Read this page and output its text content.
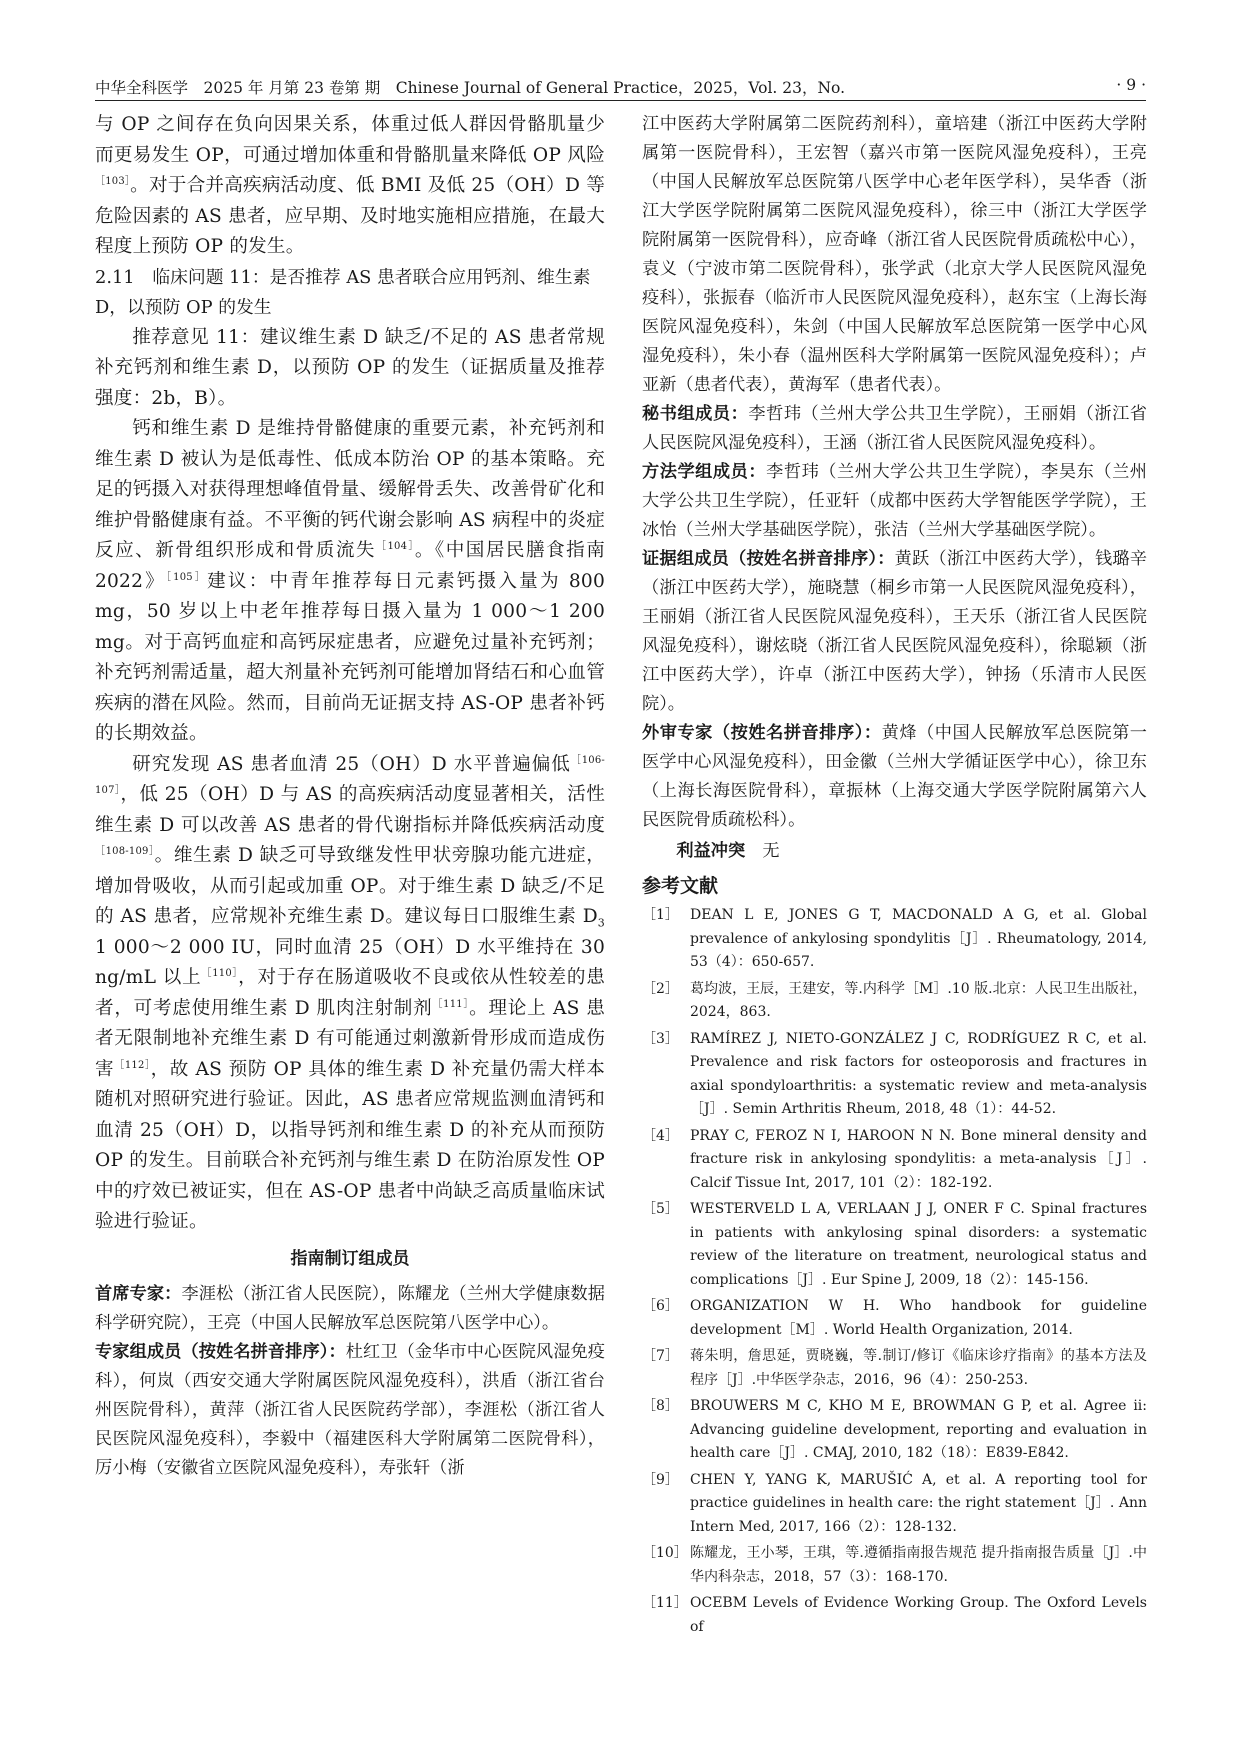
中华全科医学　2025 年 月第 23 卷第 期　Chinese Journal of General Practice，2025，Vol. 23，No.	· 9 ·

与 OP 之间存在负向因果关系，体重过低人群因骨骼肌量少而更易发生 OP，可通过增加体重和骨骼肌量来降低 OP 风险$^{[103]}$。对于合并高疾病活动度、低 BMI 及低 25（OH）D 等危险因素的 AS 患者，应早期、及时地实施相应措施，在最大程度上预防 OP 的发生。

2.11　临床问题 11：是否推荐 AS 患者联合应用钙剂、维生素 D，以预防 OP 的发生

推荐意见 11：建议维生素 D 缺乏/不足的 AS 患者常规补充钙剂和维生素 D，以预防 OP 的发生（证据质量及推荐强度：2b，B）。

钙和维生素 D 是维持骨骼健康的重要元素，补充钙剂和维生素 D 被认为是低毒性、低成本防治 OP 的基本策略。充足的钙摄入对获得理想峰值骨量、缓解骨丢失、改善骨矿化和维护骨骼健康有益。不平衡的钙代谢会影响 AS 病程中的炎症反应、新骨组织形成和骨质流失$^{[104]}$。《中国居民膳食指南 2022》$^{[105]}$建议：中青年推荐每日元素钙摄入量为 800 mg，50 岁以上中老年推荐每日摄入量为 1 000～1 200 mg。对于高钙血症和高钙尿症患者，应避免过量补充钙剂；补充钙剂需适量，超大剂量补充钙剂可能增加肾结石和心血管疾病的潜在风险。然而，目前尚无证据支持 AS-OP 患者补钙的长期效益。

研究发现 AS 患者血清 25（OH）D 水平普遍偏低$^{[106-107]}$，低 25（OH）D 与 AS 的高疾病活动度显著相关，活性维生素 D 可以改善 AS 患者的骨代谢指标并降低疾病活动度$^{[108-109]}$。维生素 D 缺乏可导致继发性甲状旁腺功能亢进症，增加骨吸收，从而引起或加重 OP。对于维生素 D 缺乏/不足的 AS 患者，应常规补充维生素 D。建议每日口服维生素 $D_3$ 1 000～2 000 IU，同时血清 25（OH）D 水平维持在 30 ng/mL 以上$^{[110]}$，对于存在肠道吸收不良或依从性较差的患者，可考虑使用维生素 D 肌肉注射制剂$^{[111]}$。理论上 AS 患者无限制地补充维生素 D 有可能通过刺激新骨形成而造成伤害$^{[112]}$，故 AS 预防 OP 具体的维生素 D 补充量仍需大样本随机对照研究进行验证。因此，AS 患者应常规监测血清钙和血清 25（OH）D，以指导钙剂和维生素 D 的补充从而预防 OP 的发生。目前联合补充钙剂与维生素 D 在防治原发性 OP 中的疗效已被证实，但在 AS-OP 患者中尚缺乏高质量临床试验进行验证。

指南制订组成员

首席专家：李涯松（浙江省人民医院），陈耀龙（兰州大学健康数据科学研究院），王亮（中国人民解放军总医院第八医学中心）。

专家组成员（按姓名拼音排序）：杜红卫（金华市中心医院风湿免疫科），何岚（西安交通大学附属医院风湿免疫科），洪盾（浙江省台州医院骨科），黄萍（浙江省人民医院药学部），李涯松（浙江省人民医院风湿免疫科），李毅中（福建医科大学附属第二医院骨科），厉小梅（安徽省立医院风湿免疫科），寿张轩（浙

江中医药大学附属第二医院药剂科），童培建（浙江中医药大学附属第一医院骨科），王宏智（嘉兴市第一医院风湿免疫科），王亮（中国人民解放军总医院第八医学中心老年医学科），吴华香（浙江大学医学院附属第二医院风湿免疫科），徐三中（浙江大学医学院附属第一医院骨科），应奇峰（浙江省人民医院骨质疏松中心），袁义（宁波市第二医院骨科），张学武（北京大学人民医院风湿免疫科），张振春（临沂市人民医院风湿免疫科），赵东宝（上海长海医院风湿免疫科），朱剑（中国人民解放军总医院第一医学中心风湿免疫科），朱小春（温州医科大学附属第一医院风湿免疫科）；卢亚新（患者代表），黄海军（患者代表）。

秘书组成员：李哲玮（兰州大学公共卫生学院），王丽娟（浙江省人民医院风湿免疫科），王涵（浙江省人民医院风湿免疫科）。

方法学组成员：李哲玮（兰州大学公共卫生学院），李昊东（兰州大学公共卫生学院），任亚轩（成都中医药大学智能医学学院），王冰怡（兰州大学基础医学院），张洁（兰州大学基础医学院）。

证据组成员（按姓名拼音排序）：黄跃（浙江中医药大学），钱璐辛（浙江中医药大学），施晓慧（桐乡市第一人民医院风湿免疫科），王丽娟（浙江省人民医院风湿免疫科），王天乐（浙江省人民医院风湿免疫科），谢炫晓（浙江省人民医院风湿免疫科），徐聪颖（浙江中医药大学），许卓（浙江中医药大学），钟扬（乐清市人民医院）。

外审专家（按姓名拼音排序）：黄烽（中国人民解放军总医院第一医学中心风湿免疫科），田金徽（兰州大学循证医学中心），徐卫东（上海长海医院骨科），章振林（上海交通大学医学院附属第六人民医院骨质疏松科）。

利益冲突　 无

参考文献
［1］ DEAN L E, JONES G T, MACDONALD A G, et al. Global prevalence of ankylosing spondylitis［J］. Rheumatology, 2014, 53（4）：650-657.
［2］ 葛均波，王辰，王建安，等.内科学［M］.10 版.北京：人民卫生出版社，2024，863.
［3］ RAMÍREZ J, NIETO-GONZÁLEZ J C, RODRÍGUEZ R C, et al. Prevalence and risk factors for osteoporosis and fractures in axial spondyloarthritis: a systematic review and meta-analysis［J］. Semin Arthritis Rheum, 2018, 48（1）：44-52.
［4］ PRAY C, FEROZ N I, HAROON N N. Bone mineral density and fracture risk in ankylosing spondylitis: a meta-analysis［J］. Calcif Tissue Int, 2017, 101（2）：182-192.
［5］ WESTERVELD L A, VERLAAN J J, ONER F C. Spinal fractures in patients with ankylosing spinal disorders: a systematic review of the literature on treatment, neurological status and complications［J］. Eur Spine J, 2009, 18（2）：145-156.
［6］ ORGANIZATION W H. Who handbook for guideline development［M］. World Health Organization, 2014.
［7］ 蒋朱明，詹思延，贾晓巍，等.制订/修订《临床诊疗指南》的基本方法及程序［J］.中华医学杂志，2016，96（4）：250-253.
［8］ BROUWERS M C, KHO M E, BROWMAN G P, et al. Agree ii: Advancing guideline development, reporting and evaluation in health care［J］. CMAJ, 2010, 182（18）：E839-E842.
［9］ CHEN Y, YANG K, MARUŠIĆ A, et al. A reporting tool for practice guidelines in health care: the right statement［J］. Ann Intern Med, 2017, 166（2）：128-132.
［10］ 陈耀龙，王小琴，王琪，等.遵循指南报告规范 提升指南报告质量［J］.中华内科杂志，2018，57（3）：168-170.
［11］ OCEBM Levels of Evidence Working Group. The Oxford Levels of
